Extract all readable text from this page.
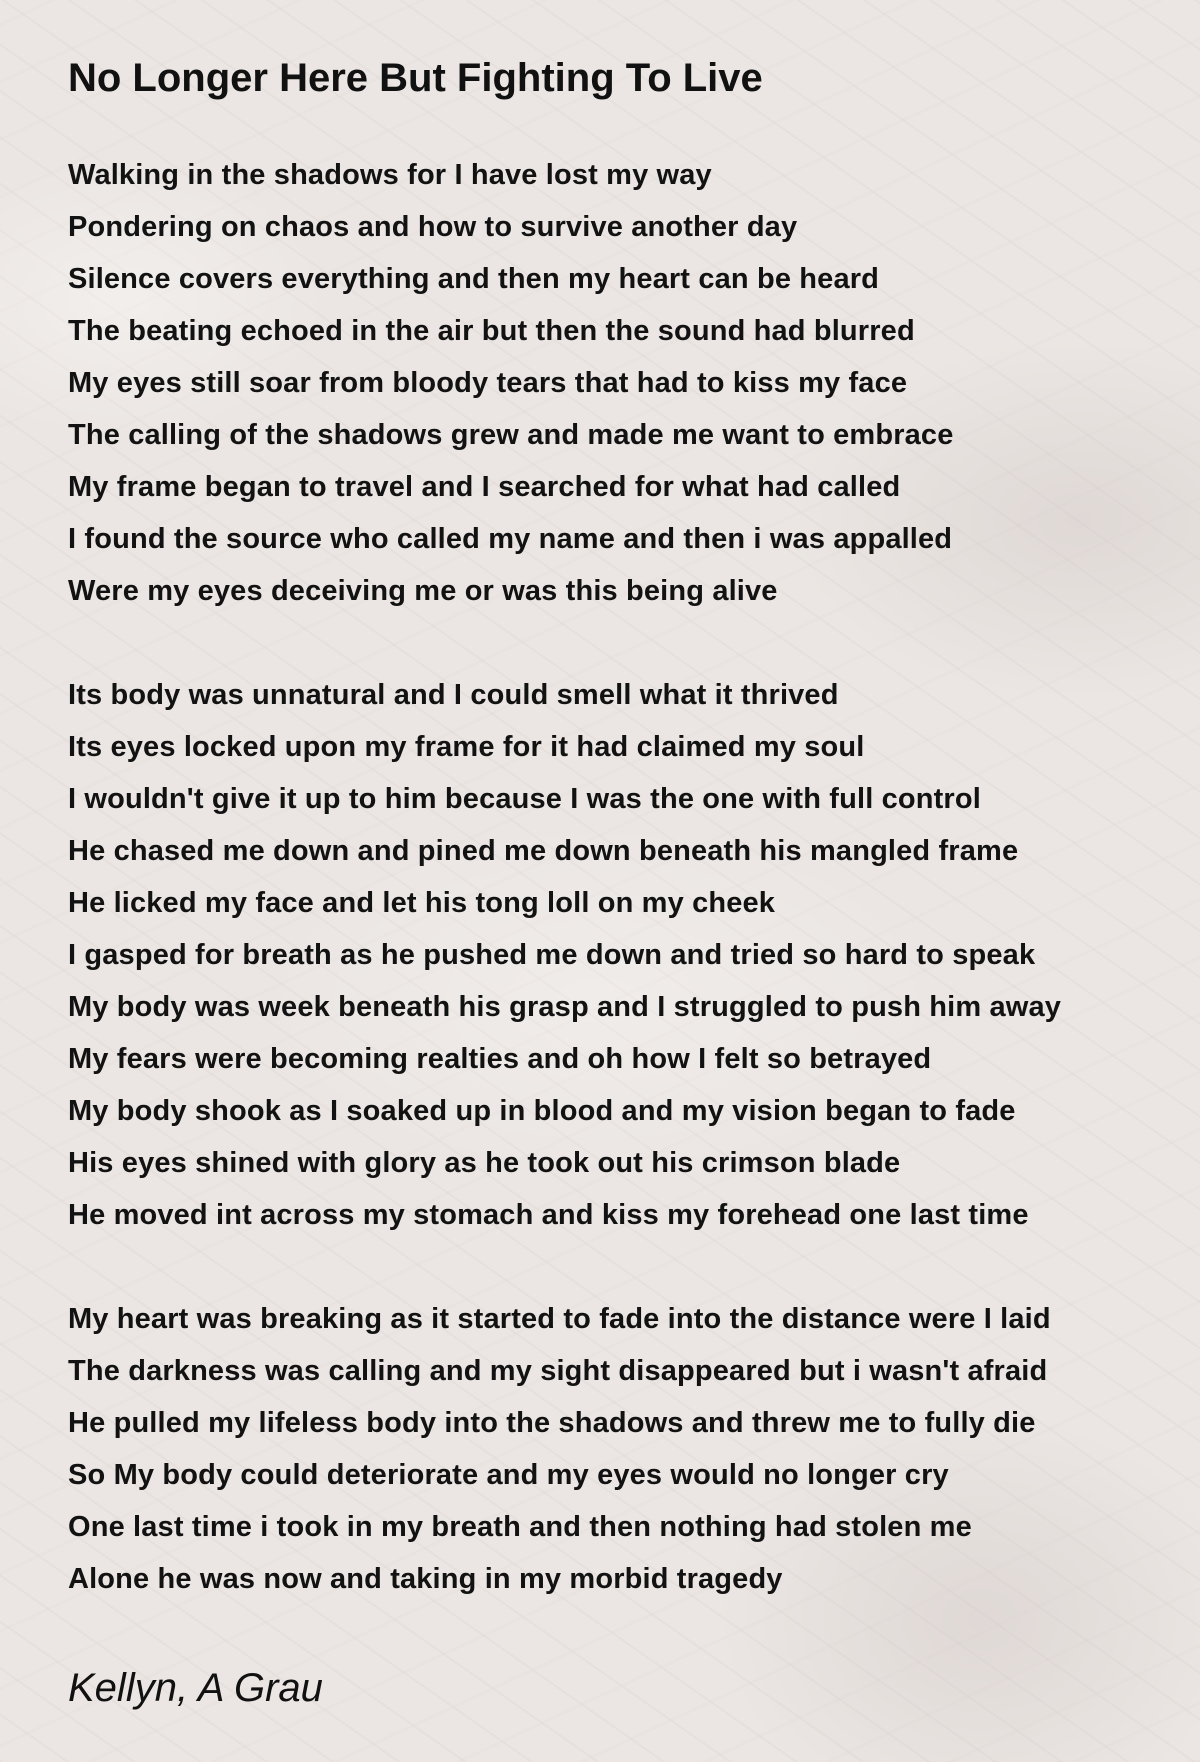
No Longer Here But Fighting To Live
Walking in the shadows for I have lost my way
Pondering on chaos and how to survive another day
Silence covers everything and then my heart can be heard
The beating echoed in the air but then the sound had blurred
My eyes still soar from bloody tears that had to kiss my face
The calling of the shadows grew and made me want to embrace
My frame began to travel and I searched for what had called
I found the source who called my name and then i was appalled
Were my eyes deceiving me or was this being alive
Its body was unnatural and I could smell what it thrived
Its eyes locked upon my frame for it had claimed my soul
I wouldn't give it up to him because I was the one with full control
He chased me down and pined me down beneath his mangled frame
He licked my face and let his tong loll on my cheek
I gasped for breath as he pushed me down and tried so hard to speak
My body was week beneath his grasp and I struggled to push him away
My fears were becoming realties and oh how I felt so betrayed
My body shook as I soaked up in blood and my vision began to fade
His eyes shined with glory as he took out his crimson blade
He moved int across my stomach and kiss my forehead one last time
My heart was breaking as it started to fade into the distance were I laid
The darkness was calling and my sight disappeared but i wasn't afraid
He pulled my lifeless body into the shadows and threw me to fully die
So My body could deteriorate and my eyes would no longer cry
One last time i took in my breath and then nothing had stolen me
Alone he was now and taking in my morbid tragedy
Kellyn, A Grau
